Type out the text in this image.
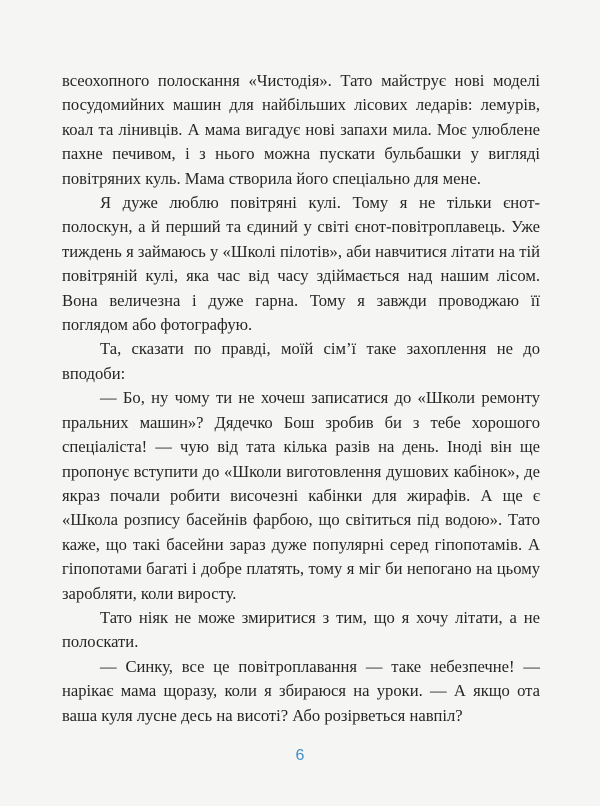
всеохопного полоскання «Чистодія». Тато майструє нові моделі посудомийних машин для найбільших лісових ледарів: лемурів, коал та лінивців. А мама вигадує нові запахи мила. Моє улюблене пахне печивом, і з нього можна пускати бульбашки у вигляді повітряних куль. Мама створила його спеціально для мене.

Я дуже люблю повітряні кулі. Тому я не тільки єнот-полоскун, а й перший та єдиний у світі єнот-повітроплавець. Уже тиждень я займаюсь у «Школі пілотів», аби навчитися літати на тій повітряній кулі, яка час від часу здіймається над нашим лісом. Вона величезна і дуже гарна. Тому я завжди проводжаю її поглядом або фотографую.

Та, сказати по правді, моїй сім’ї таке захоплення не до вподоби:

— Бо, ну чому ти не хочеш записатися до «Школи ремонту пральних машин»? Дядечко Бош зробив би з тебе хорошого спеціаліста! — чую від тата кілька разів на день. Іноді він ще пропонує вступити до «Школи виготовлення душових кабінок», де якраз почали робити височезні кабінки для жирафів. А ще є «Школа розпису басейнів фарбою, що світиться під водою». Тато каже, що такі басейни зараз дуже популярні серед гіпопотамів. А гіпопотами багаті і добре платять, тому я міг би непогано на цьому заробляти, коли виросту.

Тато ніяк не може змиритися з тим, що я хочу літати, а не полоскати.

— Синку, все це повітроплавання — таке небезпечне! — нарікає мама щоразу, коли я збираюся на уроки. — А якщо ота ваша куля лусне десь на висоті? Або розірветься навпіл?

6
